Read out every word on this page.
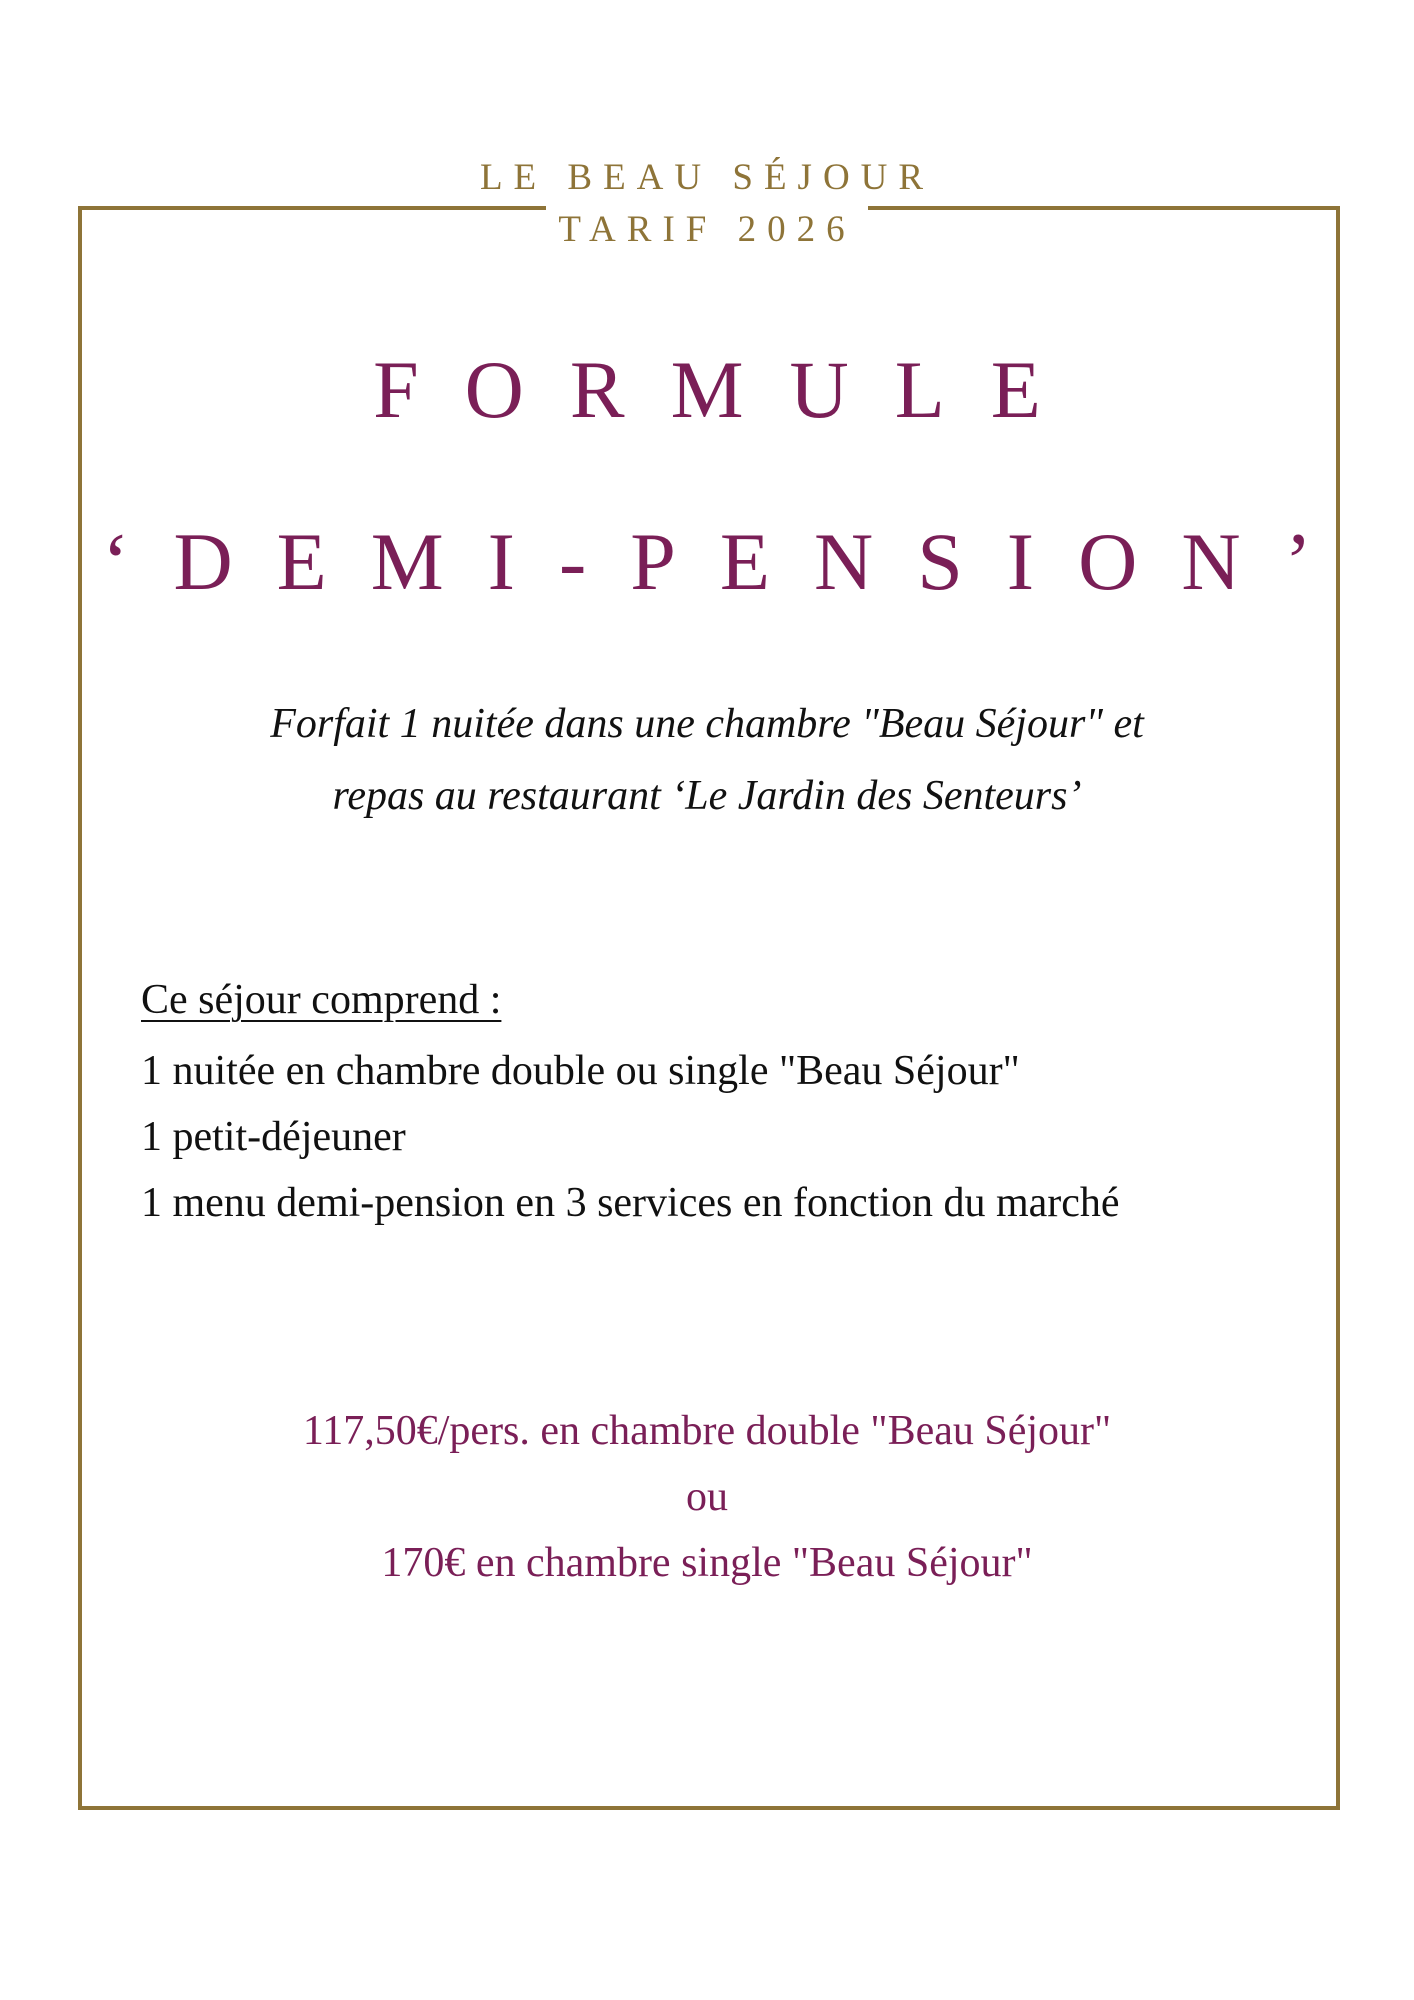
LE BEAU SÉJOUR
TARIF 2026
FORMULE
‘DEMI-PENSION’
Forfait 1 nuitée dans une chambre "Beau Séjour" et
repas au restaurant ‘Le Jardin des Senteurs’
Ce séjour comprend :
1 nuitée en chambre double ou single "Beau Séjour"
1 petit-déjeuner
1 menu demi-pension en 3 services en fonction du marché
117,50€/pers. en chambre double "Beau Séjour"
ou
170€ en chambre single "Beau Séjour"
